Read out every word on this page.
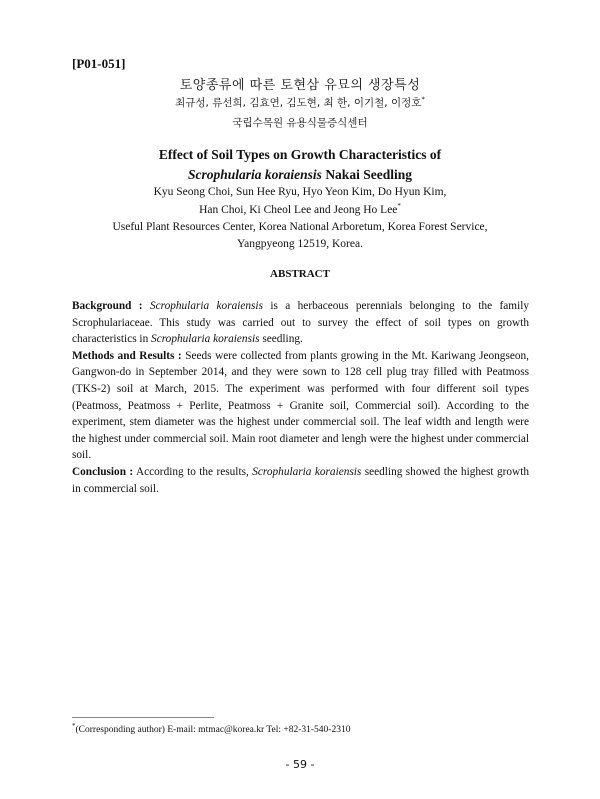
[P01-051]
토양종류에 따른 토현삼 유묘의 생장특성
최규성, 류선희, 김효연, 김도현, 최 한, 이기철, 이정호*
국립수목원 유용식물증식센터
Effect of Soil Types on Growth Characteristics of
Scrophularia koraiensis Nakai Seedling
Kyu Seong Choi, Sun Hee Ryu, Hyo Yeon Kim, Do Hyun Kim,
Han Choi, Ki Cheol Lee and Jeong Ho Lee*
Useful Plant Resources Center, Korea National Arboretum, Korea Forest Service,
Yangpyeong 12519, Korea.
ABSTRACT

Background : Scrophularia koraiensis is a herbaceous perennials belonging to the family Scrophulariaceae. This study was carried out to survey the effect of soil types on growth characteristics in Scrophularia koraiensis seedling.

Methods and Results : Seeds were collected from plants growing in the Mt. Kariwang Jeongseon, Gangwon-do in September 2014, and they were sown to 128 cell plug tray filled with Peatmoss (TKS-2) soil at March, 2015. The experiment was performed with four different soil types (Peatmoss, Peatmoss + Perlite, Peatmoss + Granite soil, Commercial soil). According to the experiment, stem diameter was the highest under commercial soil. The leaf width and length were the highest under commercial soil. Main root diameter and lengh were the highest under commercial soil.

Conclusion : According to the results, Scrophularia koraiensis seedling showed the highest growth in commercial soil.

*(Corresponding author) E-mail: mtmac@korea.kr Tel: +82-31-540-2310
- 59 -
